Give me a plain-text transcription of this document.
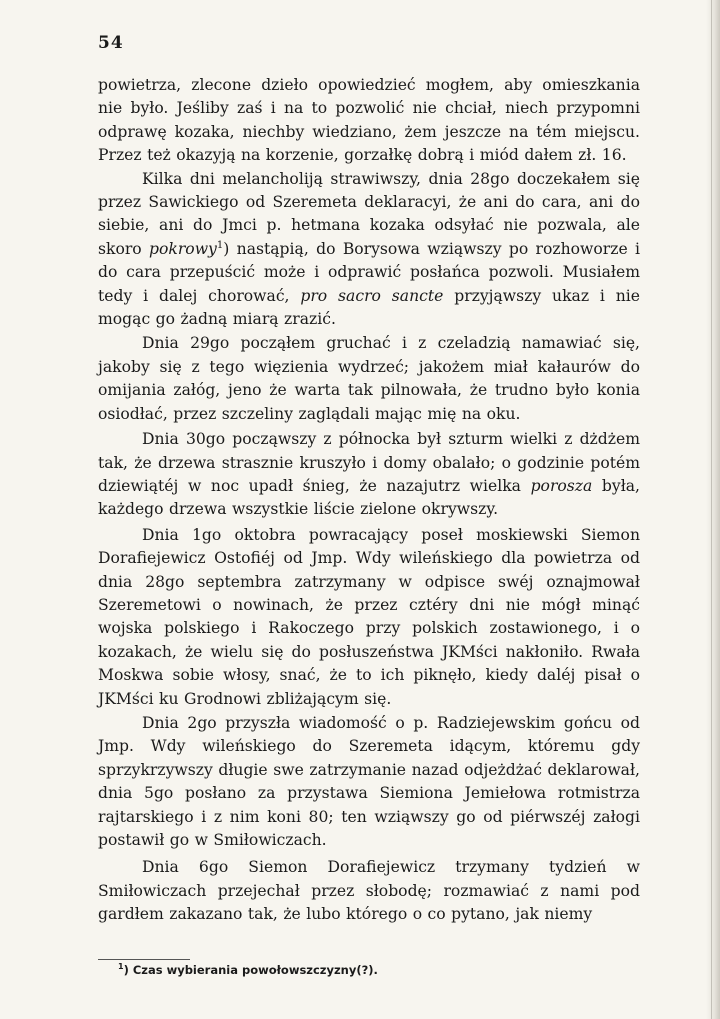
54

powietrza, zlecone dzieło opowiedzieć mogłem, aby omieszkania nie było. Jeśliby zaś i na to pozwolić nie chciał, niech przypomni odprawę kozaka, niechby wiedziano, żem jeszcze na tém miejscu. Przez też okazyją na korzenie, gorzałkę dobrą i miód dałem zł. 16.

Kilka dni melancholiją strawiwszy, dnia 28go doczekałem się przez Sawickiego od Szeremeta deklaracyi, że ani do cara, ani do siebie, ani do Jmci p. hetmana kozaka odsyłać nie pozwala, ale skoro pokrowy$^1$) nastąpią, do Borysowa wziąwszy po rozhoworze i do cara przepuścić może i odprawić posłańca pozwoli. Musiałem tedy i dalej chorować, pro sacro sancte przyjąwszy ukaz i nie mogąc go żadną miarą zrazić.

Dnia 29go począłem gruchać i z czeladzią namawiać się, jakoby się z tego więzienia wydrzeć; jakożem miał kałaurów do omijania załóg, jeno że warta tak pilnowała, że trudno było konia osiodłać, przez szczeliny zaglądali mając mię na oku.

Dnia 30go począwszy z północka był szturm wielki z dżdżem tak, że drzewa strasznie kruszyło i domy obalało; o godzinie potém dziewiątéj w noc upadł śnieg, że nazajutrz wielka porosza była, każdego drzewa wszystkie liście zielone okrywszy.

Dnia 1go oktobra powracający poseł moskiewski Siemon Dorafiejewicz Ostofiéj od Jmp. Wdy wileńskiego dla powietrza od dnia 28go septembra zatrzymany w odpisce swéj oznajmował Szeremetowi o nowinach, że przez cztéry dni nie mógł minąć wojska polskiego i Rakoczego przy polskich zostawionego, i o kozakach, że wielu się do posłuszeństwa JKMści nakłoniło. Rwała Moskwa sobie włosy, snać, że to ich piknęło, kiedy daléj pisał o JKMści ku Grodnowi zbliżającym się.

Dnia 2go przyszła wiadomość o p. Radziejewskim gońcu od Jmp. Wdy wileńskiego do Szeremeta idącym, któremu gdy sprzykrzywszy długie swe zatrzymanie nazad odjeżdżać deklarował, dnia 5go posłano za przystawa Siemiona Jemiełowa rotmistrza rajtarskiego i z nim koni 80; ten wziąwszy go od piérwszéj załogi postawił go w Smiłowiczach.

Dnia 6go Siemon Dorafiejewicz trzymany tydzień w Smiłowiczach przejechał przez słobodę; rozmawiać z nami pod gardłem zakazano tak, że lubo którego o co pytano, jak niemy

$^1$) Czas wybierania powołowszczyzny(?).
